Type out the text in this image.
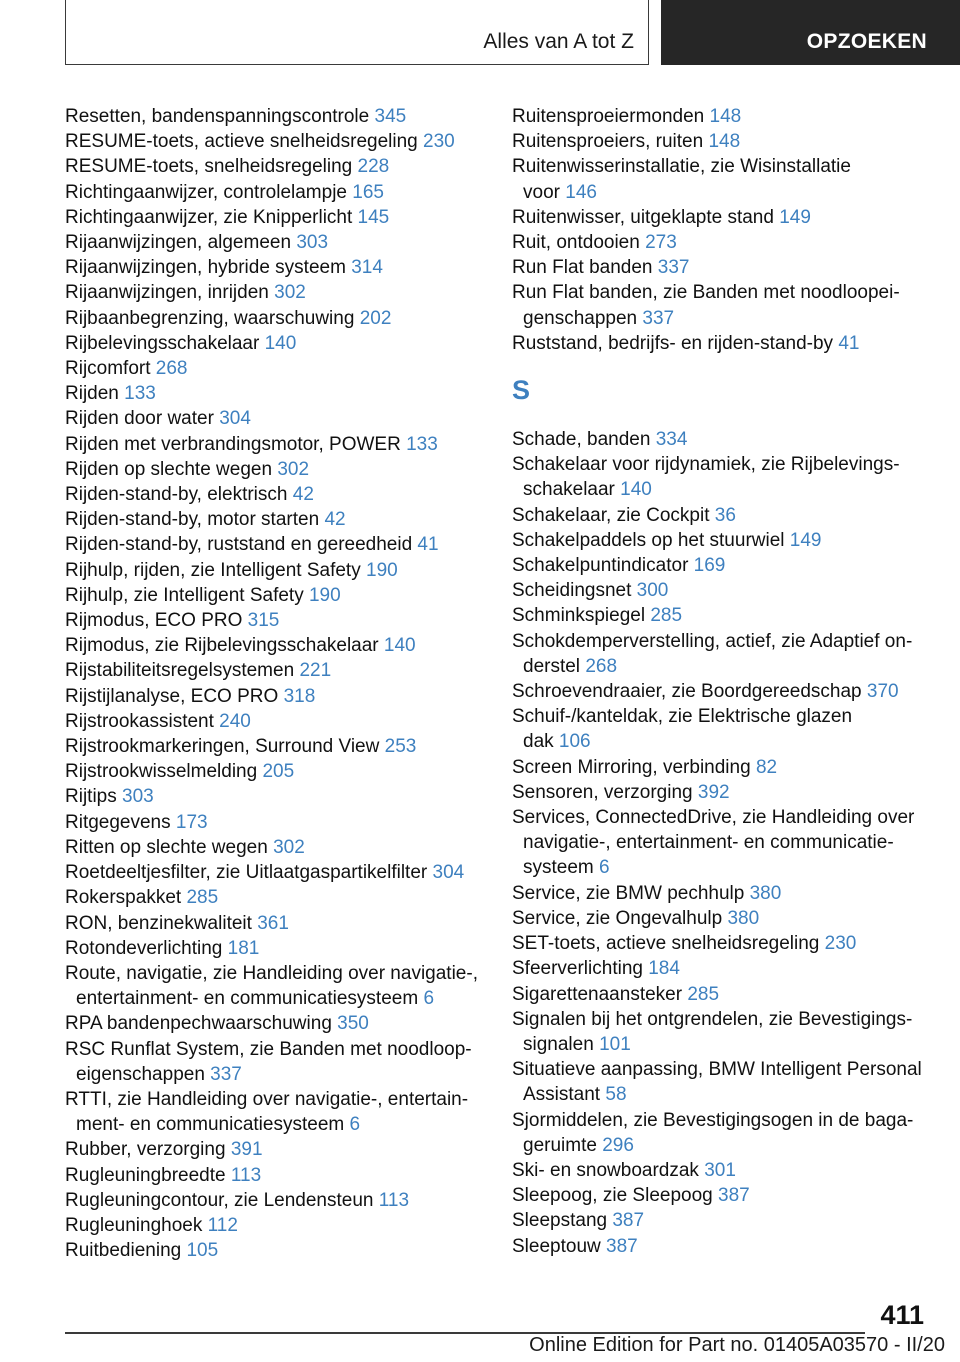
Alles van A tot Z	OPZOEKEN
Resetten, bandenspanningscontrole 345
RESUME-toets, actieve snelheidsregeling 230
RESUME-toets, snelheidsregeling 228
Richtingaanwijzer, controlelampje 165
Richtingaanwijzer, zie Knipperlicht 145
Rijaanwijzingen, algemeen 303
Rijaanwijzingen, hybride systeem 314
Rijaanwijzingen, inrijden 302
Rijbaanbegrenzing, waarschuwing 202
Rijbelevingsschakelaar 140
Rijcomfort 268
Rijden 133
Rijden door water 304
Rijden met verbrandingsmotor, POWER 133
Rijden op slechte wegen 302
Rijden-stand-by, elektrisch 42
Rijden-stand-by, motor starten 42
Rijden-stand-by, ruststand en gereedheid 41
Rijhulp, rijden, zie Intelligent Safety 190
Rijhulp, zie Intelligent Safety 190
Rijmodus, ECO PRO 315
Rijmodus, zie Rijbelevingsschakelaar 140
Rijstabiliteitsregelsystemen 221
Rijstijlanalyse, ECO PRO 318
Rijstrookassistent 240
Rijstrookmarkeringen, Surround View 253
Rijstrookwisselmelding 205
Rijtips 303
Ritgegevens 173
Ritten op slechte wegen 302
Roetdeeltjesfilter, zie Uitlaatgaspartikelfilter 304
Rokerspakket 285
RON, benzinekwaliteit 361
Rotondeverlichting 181
Route, navigatie, zie Handleiding over navigatie-,
entertainment- en communicatiesysteem 6
RPA bandenpechwaarschuwing 350
RSC Runflat System, zie Banden met noodloop-
eigenschappen 337
RTTI, zie Handleiding over navigatie-, entertain-
ment- en communicatiesysteem 6
Rubber, verzorging 391
Rugleuningbreedte 113
Rugleuningcontour, zie Lendensteun 113
Rugleuninghoek 112
Ruitbediening 105
Ruitensproeiermonden 148
Ruitensproeiers, ruiten 148
Ruitenwisserinstallatie, zie Wisinstallatie
voor 146
Ruitenwisser, uitgeklapte stand 149
Ruit, ontdooien 273
Run Flat banden 337
Run Flat banden, zie Banden met noodloopei-
genschappen 337
Ruststand, bedrijfs- en rijden-stand-by 41
S
Schade, banden 334
Schakelaar voor rijdynamiek, zie Rijbelevings-
schakelaar 140
Schakelaar, zie Cockpit 36
Schakelpaddels op het stuurwiel 149
Schakelpuntindicator 169
Scheidingsnet 300
Schminkspiegel 285
Schokdemperverstelling, actief, zie Adaptief on-
derstel 268
Schroevendraaier, zie Boordgereedschap 370
Schuif-/kanteldak, zie Elektrische glazen
dak 106
Screen Mirroring, verbinding 82
Sensoren, verzorging 392
Services, ConnectedDrive, zie Handleiding over
navigatie-, entertainment- en communicatie-
systeem 6
Service, zie BMW pechhulp 380
Service, zie Ongevalhulp 380
SET-toets, actieve snelheidsregeling 230
Sfeerverlichting 184
Sigarettenaansteker 285
Signalen bij het ontgrendelen, zie Bevestigings-
signalen 101
Situatieve aanpassing, BMW Intelligent Personal
Assistant 58
Sjormiddelen, zie Bevestigingsogen in de baga-
geruimte 296
Ski- en snowboardzak 301
Sleepoog, zie Sleepoog 387
Sleepstang 387
Sleeptouw 387
411
Online Edition for Part no. 01405A03570 - II/20
